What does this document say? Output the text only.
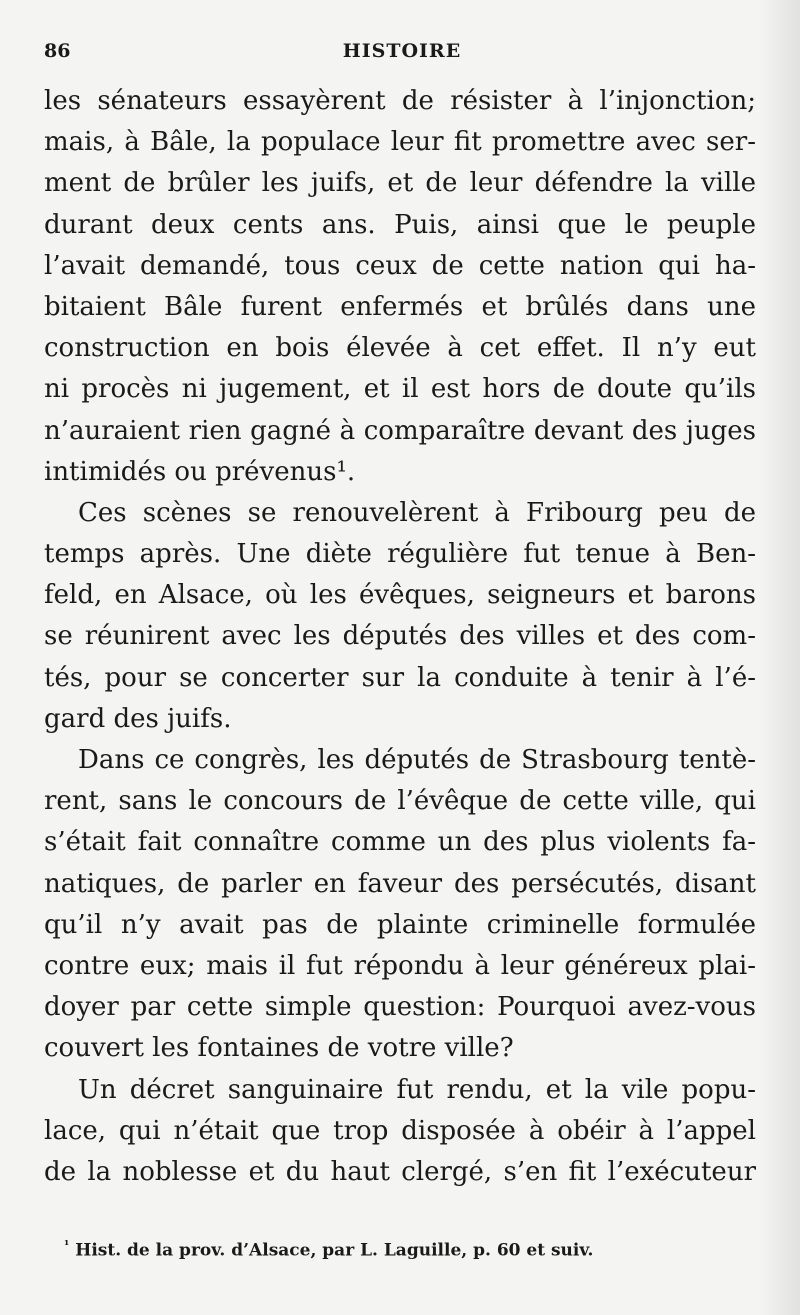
86	HISTOIRE
les sénateurs essayèrent de résister à l’injonction;
mais, à Bâle, la populace leur fit promettre avec ser-
ment de brûler les juifs, et de leur défendre la ville
durant deux cents ans. Puis, ainsi que le peuple
l’avait demandé, tous ceux de cette nation qui ha-
bitaient Bâle furent enfermés et brûlés dans une
construction en bois élevée à cet effet. Il n’y eut
ni procès ni jugement, et il est hors de doute qu’ils
n’auraient rien gagné à comparaître devant des juges
intimidés ou prévenus¹.
Ces scènes se renouvelèrent à Fribourg peu de
temps après. Une diète régulière fut tenue à Ben-
feld, en Alsace, où les évêques, seigneurs et barons
se réunirent avec les députés des villes et des com-
tés, pour se concerter sur la conduite à tenir à l’é-
gard des juifs.
Dans ce congrès, les députés de Strasbourg tentè-
rent, sans le concours de l’évêque de cette ville, qui
s’était fait connaître comme un des plus violents fa-
natiques, de parler en faveur des persécutés, disant
qu’il n’y avait pas de plainte criminelle formulée
contre eux; mais il fut répondu à leur généreux plai-
doyer par cette simple question: Pourquoi avez-vous
couvert les fontaines de votre ville?
Un décret sanguinaire fut rendu, et la vile popu-
lace, qui n’était que trop disposée à obéir à l’appel
de la noblesse et du haut clergé, s’en fit l’exécuteur
$^{^1}$ Hist. de la prov. d’Alsace, par L. Laguille, p. 60 et suiv.
